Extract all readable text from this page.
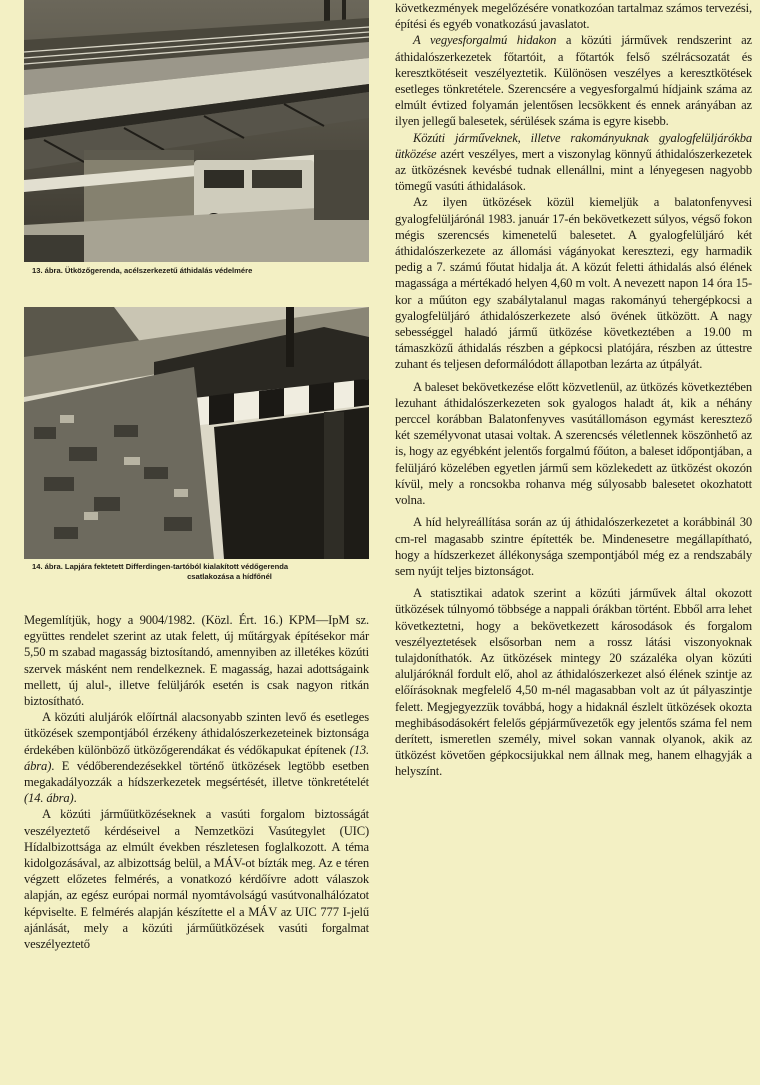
13. ábra. Ütközőgerenda, acélszerkezetű áthidalás védelmére
14. ábra. Lapjára fektetett Differdingen-tartóból kialakított védőgerenda
csatlakozása a hídfőnél

Megemlítjük, hogy a 9004/1982. (Közl. Ért. 16.) KPM—IpM sz. együttes rendelet szerint az utak felett, új műtárgyak építésekor már 5,50 m szabad magasság biztosítandó, amennyiben az illetékes közúti szervek másként nem rendelkeznek. E magasság, hazai adottságaink mellett, új alul-, illetve felüljárók esetén is csak nagyon ritkán biztosítható.

A közúti aluljárók előírtnál alacsonyabb szinten levő és esetleges ütközések szempontjából érzékeny áthidalószerkezeteinek biztonsága érdekében különböző ütközőgerendákat és védőkapukat építenek (13. ábra). E védőberendezésekkel történő ütközések legtöbb esetben megakadályozzák a hídszerkezetek megsértését, illetve tönkretételét (14. ábra).

A közúti járműütközéseknek a vasúti forgalom biztosságát veszélyeztető kérdéseivel a Nemzetközi Vasútegylet (UIC) Hídalbizottsága az elmúlt években részletesen foglalkozott. A téma kidolgozásával, az albizottság belül, a MÁV-ot bízták meg. Az e téren végzett előzetes felmérés, a vonatkozó kérdőívre adott válaszok alapján, az egész európai normál nyomtávolságú vasútvonalhálózatot képviselte. E felmérés alapján készítette el a MÁV az UIC 777 I-jelű ajánlását, mely a közúti járműütközések vasúti forgalmat veszélyeztető

következmények megelőzésére vonatkozóan tartalmaz számos tervezési, építési és egyéb vonatkozású javaslatot.

A vegyesforgalmú hidakon a közúti járművek rendszerint az áthidalószerkezetek főtartóit, a főtartók felső szélrácsozatát és keresztkötéseit veszélyeztetik. Különösen veszélyes a keresztkötések esetleges tönkretétele. Szerencsére a vegyesforgalmú hídjaink száma az elmúlt évtized folyamán jelentősen lecsökkent és ennek arányában az ilyen jellegű balesetek, sérülések száma is egyre kisebb.

Közúti járműveknek, illetve rakományuknak gyalogfelüljárókba ütközése azért veszélyes, mert a viszonylag könnyű áthidalószerkezetek az ütközésnek kevésbé tudnak ellenállni, mint a lényegesen nagyobb tömegű vasúti áthidalások.

Az ilyen ütközések közül kiemeljük a balatonfenyvesi gyalogfelüljárónál 1983. január 17-én bekövetkezett súlyos, végső fokon mégis szerencsés kimenetelű balesetet. A gyalogfelüljáró két áthidalószerkezete az állomási vágányokat keresztezi, egy harmadik pedig a 7. számú főutat hidalja át. A közút feletti áthidalás alsó élének magassága a mértékadó helyen 4,60 m volt. A nevezett napon 14 óra 15-kor a műúton egy szabálytalanul magas rakományú tehergépkocsi a gyalogfelüljáró áthidalószerkezete alsó övének ütközött. A nagy sebességgel haladó jármű ütközése következtében a 19.00 m támaszközű áthidalás részben a gépkocsi platójára, részben az úttestre zuhant és teljesen deformálódott állapotban lezárta az útpályát.

A baleset bekövetkezése előtt közvetlenül, az ütközés következtében lezuhant áthidalószerkezeten sok gyalogos haladt át, kik a néhány perccel korábban Balatonfenyves vasútállomáson egymást keresztező két személyvonat utasai voltak. A szerencsés véletlennek köszönhető az is, hogy az egyébként jelentős forgalmú főúton, a baleset időpontjában, a felüljáró közelében egyetlen jármű sem közlekedett az ütközést okozón kívül, mely a roncsokba rohanva még súlyosabb balesetet okozhatott volna.

A híd helyreállítása során az új áthidalószerkezetet a korábbinál 30 cm-rel magasabb szintre építették be. Mindenesetre megállapítható, hogy a hídszerkezet állékonysága szempontjából még ez a rendszabály sem nyújt teljes biztonságot.

A statisztikai adatok szerint a közúti járművek által okozott ütközések túlnyomó többsége a nappali órákban történt. Ebből arra lehet következtetni, hogy a bekövetkezett károsodások és forgalom veszélyeztetések elsősorban nem a rossz látási viszonyoknak tulajdoníthatók. Az ütközések mintegy 20 százaléka olyan közúti aluljáróknál fordult elő, ahol az áthidalószerkezet alsó élének szintje az előírásoknak megfelelő 4,50 m-nél magasabban volt az út pályaszintje felett. Megjegyezzük továbbá, hogy a hidaknál észlelt ütközések okozta meghibásodásokért felelős gépjárművezetők egy jelentős száma fel nem derített, ismeretlen személy, mivel sokan vannak olyanok, akik az ütközést követően gépkocsijukkal nem állnak meg, hanem elhagyják a helyszínt.
